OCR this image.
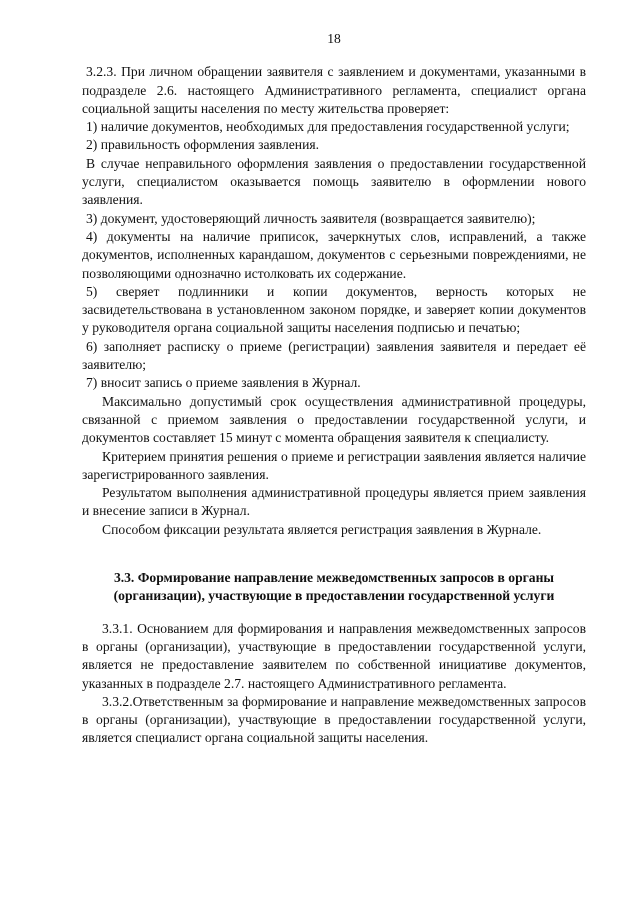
18

3.2.3. При личном обращении заявителя с заявлением и документами, указанными в подразделе 2.6. настоящего Административного регламента, специалист органа социальной защиты населения по месту жительства проверяет:

1) наличие документов, необходимых для предоставления государственной услуги;

2) правильность оформления заявления.

В случае неправильного оформления заявления о предоставлении государственной услуги, специалистом оказывается помощь заявителю в оформлении нового заявления.

3) документ, удостоверяющий личность заявителя (возвращается заявителю);

4) документы на наличие приписок, зачеркнутых слов, исправлений, а также документов, исполненных карандашом, документов с серьезными повреждениями, не позволяющими однозначно истолковать их содержание.

5) сверяет подлинники и копии документов, верность которых не засвидетельствована в установленном законом порядке, и заверяет копии документов у руководителя органа социальной защиты населения подписью и печатью;

6) заполняет расписку о приеме (регистрации) заявления заявителя и передает её заявителю;

7) вносит запись о приеме заявления в Журнал.

Максимально допустимый срок осуществления административной процедуры, связанной с приемом заявления о предоставлении государственной услуги, и документов составляет 15 минут с момента обращения заявителя к специалисту.

Критерием принятия решения о приеме и регистрации заявления является наличие зарегистрированного заявления.

Результатом выполнения административной процедуры является прием заявления и внесение записи в Журнал.

Способом фиксации результата является регистрация заявления в Журнале.

3.3. Формирование направление межведомственных запросов в органы (организации), участвующие в предоставлении государственной услуги

3.3.1. Основанием для формирования и направления межведомственных запросов в органы (организации), участвующие в предоставлении государственной услуги, является не предоставление заявителем по собственной инициативе документов, указанных в подразделе 2.7. настоящего Административного регламента.

3.3.2.Ответственным за формирование и направление межведомственных запросов в органы (организации), участвующие в предоставлении государственной услуги, является специалист органа социальной защиты населения.
